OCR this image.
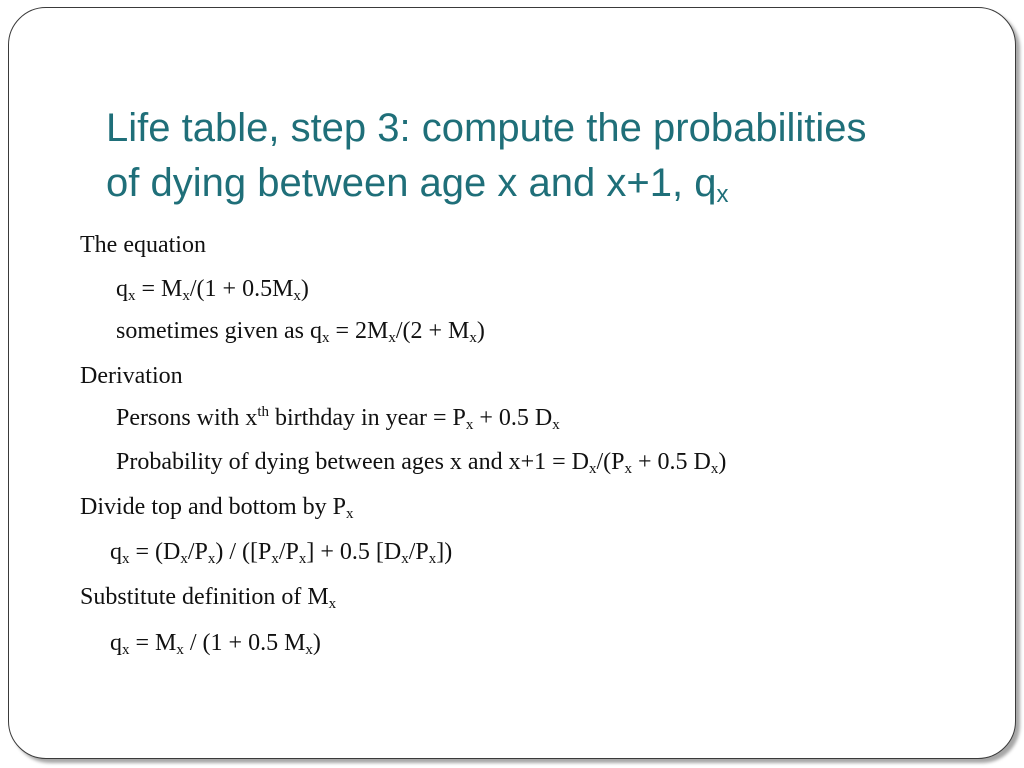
Life table, step 3: compute the probabilities
of dying between age x and x+1, $q_x$
The equation
$q_x = M_x/(1 + 0.5M_x)$
sometimes given as $q_x = 2M_x/(2 + M_x)$
Derivation
Persons with $x^{th}$ birthday in year = $P_x + 0.5$ $D_x$
Probability of dying between ages x and $x+1 = D_x/(P_x + 0.5$ $D_x$)
Divide top and bottom by $P_x$
$q_x = (D_x/P_x) / ([P_x/P_x] + 0.5$ $[D_x/P_x]$)
Substitute definition of $M_x$
$q_x = M_x / (1 + 0.5$ $M_x$)
